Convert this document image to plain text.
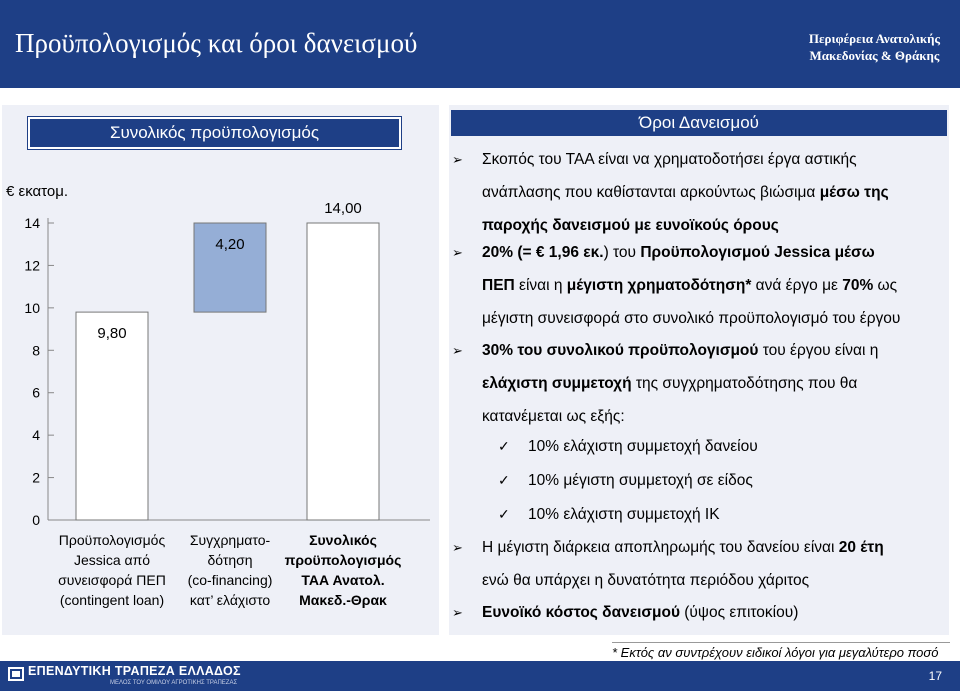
Προϋπολογισμός και όροι δανεισμού	Περιφέρεια Ανατολικής
Μακεδονίας & Θράκης
€ εκατομ.
0
2
4
6
8
10
12
14
9,80
4,20
14,00
Προϋπολογισμός
Jessica από
συνεισφορά ΠΕΠ
(contingent loan)
Συγχρηματο-
δότηση
(co-financing)
κατ’ ελάχιστο
Συνολικός
προϋπολογισμός
ΤΑΑ Ανατολ.
Μακεδ.-Θρακ
Συνολικός προϋπολογισμός
Όροι Δανεισμού
➢ Σκοπός του ΤΑΑ είναι να χρηματοδοτήσει έργα αστικής
ανάπλασης που καθίστανται αρκούντως βιώσιμα μέσω της
παροχής δανεισμού με ευνοϊκούς όρους
➢ 20% (= € 1,96 εκ.) του Προϋπολογισμού Jessica μέσω
ΠΕΠ είναι η μέγιστη χρηματοδότηση* ανά έργο με 70% ως
μέγιστη συνεισφορά στο συνολικό προϋπολογισμό του έργου
➢ 30% του συνολικού προϋπολογισμού του έργου είναι η
ελάχιστη συμμετοχή της συγχρηματοδότησης που θα
κατανέμεται ως εξής:
✓ 10% ελάχιστη συμμετοχή δανείου
✓ 10% μέγιστη συμμετοχή σε είδος
✓ 10% ελάχιστη συμμετοχή ΙΚ
➢ Η μέγιστη διάρκεια αποπληρωμής του δανείου είναι 20 έτη
ενώ θα υπάρχει η δυνατότητα περιόδου χάριτος
➢ Ευνοϊκό κόστος δανεισμού (ύψος επιτοκίου)
* Εκτός αν συντρέχουν ειδικοί λόγοι για μεγαλύτερο ποσό
ΕΠΕΝΔΥΤΙΚΗ ΤΡΑΠΕΖΑ ΕΛΛΑΔΟΣ
ΜΕΛΟΣ ΤΟΥ ΟΜΙΛΟΥ ΑΓΡΟΤΙΚΗΣ ΤΡΑΠΕΖΑΣ	17
